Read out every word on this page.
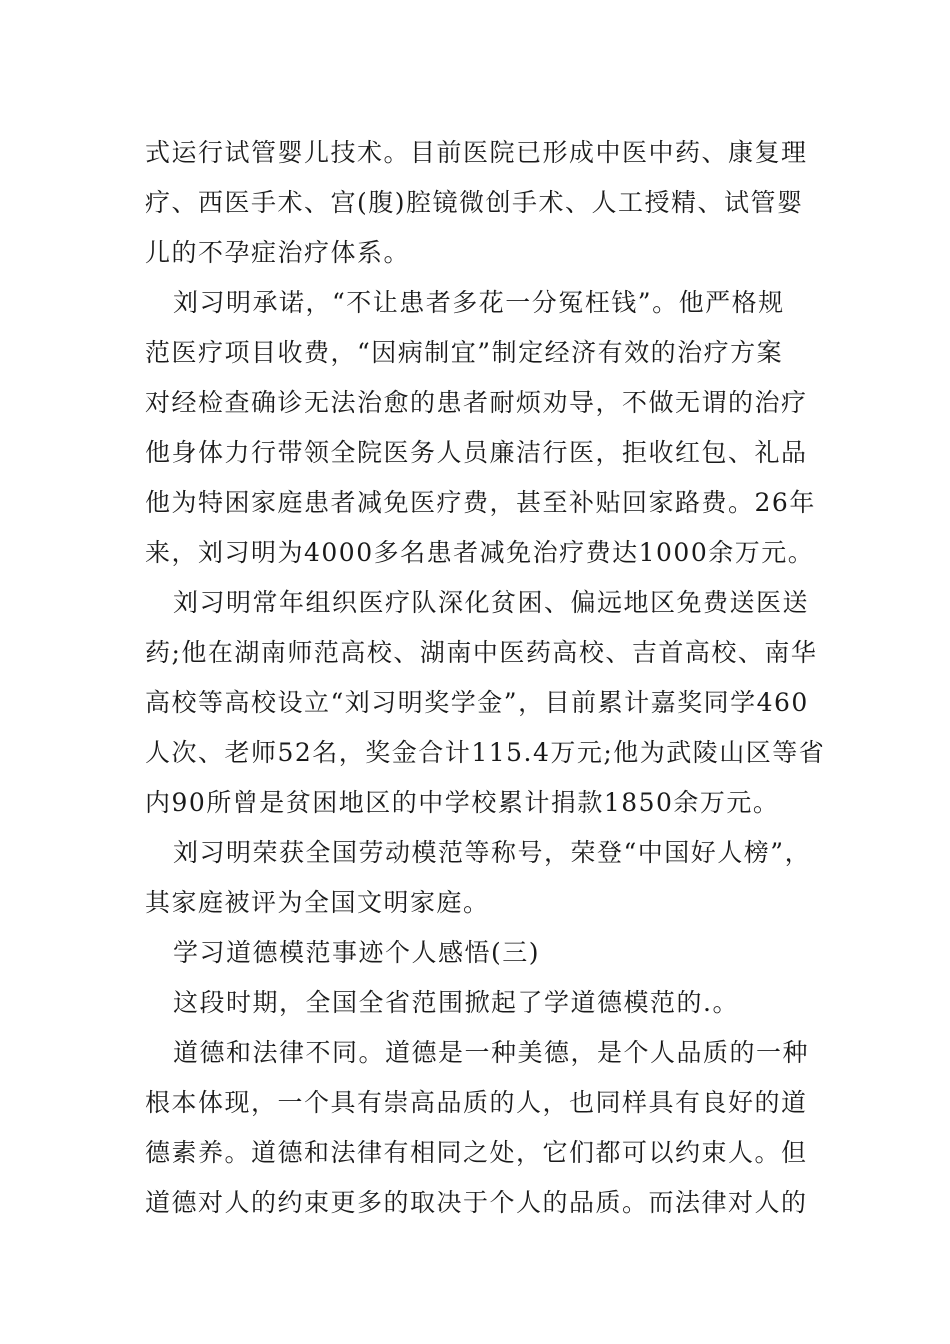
式运行试管婴儿技术。目前医院已形成中医中药、康复理
疗、西医手术、宫(腹)腔镜微创手术、人工授精、试管婴
儿的不孕症治疗体系。
刘习明承诺，“不让患者多花一分冤枉钱”。他严格规
范医疗项目收费，“因病制宜”制定经济有效的治疗方案
对经检查确诊无法治愈的患者耐烦劝导，不做无谓的治疗
他身体力行带领全院医务人员廉洁行医，拒收红包、礼品
他为特困家庭患者减免医疗费，甚至补贴回家路费。26年
来，刘习明为4000多名患者减免治疗费达1000余万元。
刘习明常年组织医疗队深化贫困、偏远地区免费送医送
药;他在湖南师范高校、湖南中医药高校、吉首高校、南华
高校等高校设立“刘习明奖学金”，目前累计嘉奖同学460
人次、老师52名，奖金合计115.4万元;他为武陵山区等省
内90所曾是贫困地区的中学校累计捐款1850余万元。
刘习明荣获全国劳动模范等称号，荣登“中国好人榜”，
其家庭被评为全国文明家庭。
学习道德模范事迹个人感悟(三)
这段时期，全国全省范围掀起了学道德模范的.。
道德和法律不同。道德是一种美德，是个人品质的一种
根本体现，一个具有崇高品质的人，也同样具有良好的道
德素养。道德和法律有相同之处，它们都可以约束人。但
道德对人的约束更多的取决于个人的品质。而法律对人的
